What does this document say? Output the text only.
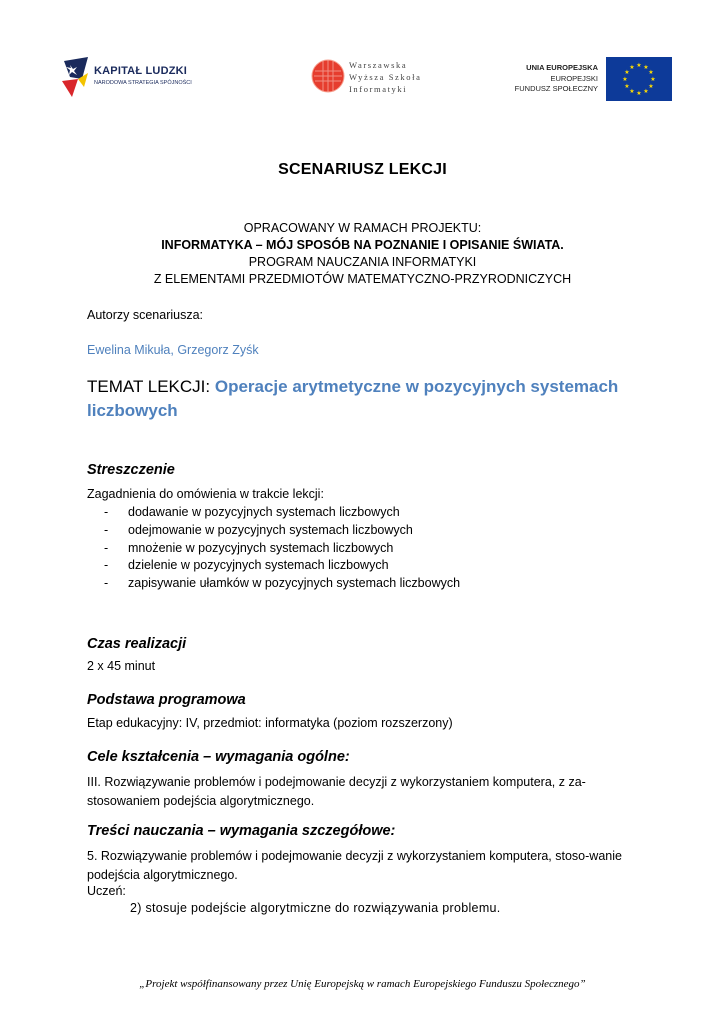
KAPITAŁ LUDZKI
NARODOWA STRATEGIA SPÓJNOŚCI
Warszawska
Wyższa Szkoła
Informatyki
UNIA EUROPEJSKA
EUROPEJSKI
FUNDUSZ SPOŁECZNY
★ ★
★
★
★
★
★
★
★
★
★
★
SCENARIUSZ LEKCJI
OPRACOWANY W RAMACH PROJEKTU:
INFORMATYKA – MÓJ SPOSÓB NA POZNANIE I OPISANIE ŚWIATA.
PROGRAM NAUCZANIA INFORMATYKI
Z ELEMENTAMI PRZEDMIOTÓW MATEMATYCZNO-PRZYRODNICZYCH
Autorzy scenariusza:
Ewelina Mikuła, Grzegorz Zyśk
TEMAT LEKCJI: Operacje arytmetyczne w pozycyjnych systemach liczbowych
Streszczenie
Zagadnienia do omówienia w trakcie lekcji:
- dodawanie w pozycyjnych systemach liczbowych
- odejmowanie w pozycyjnych systemach liczbowych
- mnożenie w pozycyjnych systemach liczbowych
- dzielenie w pozycyjnych systemach liczbowych
- zapisywanie ułamków w pozycyjnych systemach liczbowych
Czas realizacji
2 x 45 minut
Podstawa programowa
Etap edukacyjny: IV, przedmiot: informatyka (poziom rozszerzony)
Cele kształcenia – wymagania ogólne:
III. Rozwiązywanie problemów i podejmowanie decyzji z wykorzystaniem komputera, z za-stosowaniem podejścia algorytmicznego.
Treści nauczania – wymagania szczegółowe:
5. Rozwiązywanie problemów i podejmowanie decyzji z wykorzystaniem komputera, stoso-wanie podejścia algorytmicznego.
Uczeń:
2) stosuje podejście algorytmiczne do rozwiązywania problemu.
„Projekt współfinansowany przez Unię Europejską w ramach Europejskiego Funduszu Społecznego”
